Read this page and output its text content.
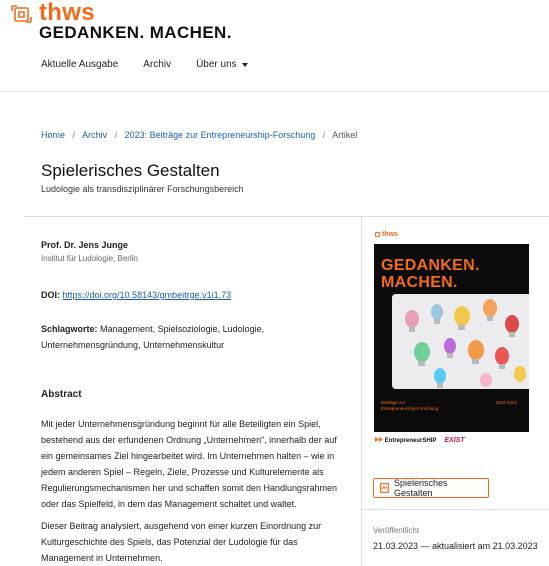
thws
GEDANKEN. MACHEN.
Aktuelle Ausgabe	Archiv	Über uns
Home / Archiv / 2023: Beiträge zur Entrepreneurship-Forschung / Artikel
Spielerisches Gestalten
Ludologie als transdisziplinärer Forschungsbereich
Prof. Dr. Jens Junge
Institut für Ludologie, Berlin
DOI: https://doi.org/10.58143/gmbeitrge.v1i1.73
Schlagworte: Management, Spielsoziologie, Ludologie, Unternehmensgründung, Unternehmenskultur
Abstract

Mit jeder Unternehmensgründung beginnt für alle Beteiligten ein Spiel, bestehend aus der erfundenen Ordnung „Unternehmen“, innerhalb der auf ein gemeinsames Ziel hingearbeitet wird. Im Unternehmen halten – wie in jedem anderen Spiel – Regeln, Ziele, Prozesse und Kulturelemente als Regulierungsmechanismen her und schaffen somit den Handlungsrahmen oder das Spielfeld, in dem das Management schaltet und waltet.

Dieser Beitrag analysiert, ausgehend von einer kurzen Einordnung zur Kulturgeschichte des Spiels, das Potenzial der Ludologie für das Management in Unternehmen.

thws
GEDANKEN.
MACHEN.
Beiträge zur
Entrepreneurship-Forschung
2022-2024
EntrepreneurSHIP EXIST
Spielerisches Gestalten
Veröffentlicht
21.03.2023 — aktualisiert am 21.03.2023
